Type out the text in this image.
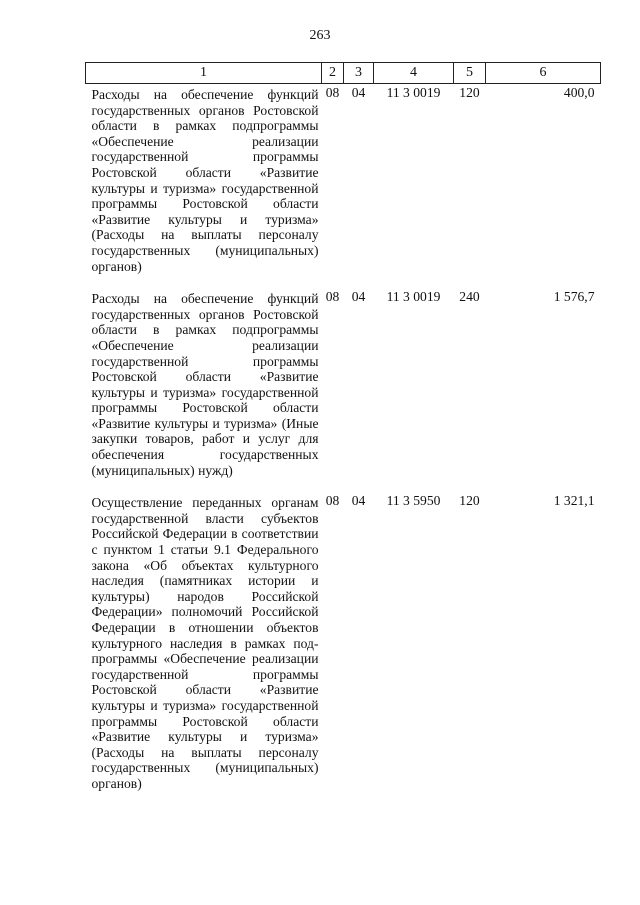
263
1	2	3	4	5	6
Расходы на обеспечение функций государственных органов Ростовской области в рамках подпрограммы «Обеспечение реализации государственной программы Ростовской области «Развитие культуры и туризма» государственной программы Ростовской области «Развитие культуры и туризма» (Расходы на выплаты персоналу государственных (муниципальных) органов)	08	04	11 3 0019	120	400,0
Расходы на обеспечение функций государственных органов Ростовской области в рамках подпрограммы «Обеспечение реализации государственной программы Ростовской области «Развитие культуры и туризма» государственной программы Ростовской области «Развитие культуры и туризма» (Иные закупки товаров, работ и услуг для обеспечения государственных (муниципальных) нужд)	08	04	11 3 0019	240	1 576,7
Осуществление переданных органам государственной власти субъектов Российской Федерации в соответствии с пунктом 1 статьи 9.1 Федерального закона «Об объектах культурного наследия (памятниках истории и культуры) народов Российской Федерации» полномочий Российской Федерации в отношении объектов культурного наследия в рамках подпрограммы «Обеспечение реализации государственной программы Ростовской области «Развитие культуры и туризма» государственной программы Ростовской области «Развитие культуры и туризма» (Расходы на выплаты персоналу государственных (муниципальных) органов)	08	04	11 3 5950	120	1 321,1
